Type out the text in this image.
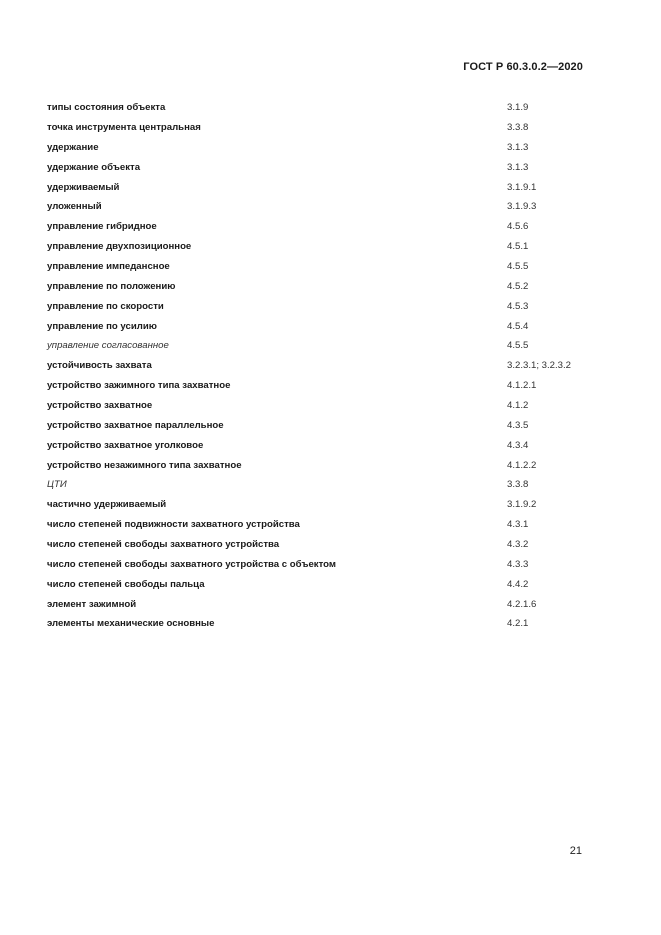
ГОСТ Р 60.3.0.2—2020
типы состояния объекта	3.1.9
точка инструмента центральная	3.3.8
удержание	3.1.3
удержание объекта	3.1.3
удерживаемый	3.1.9.1
уложенный	3.1.9.3
управление гибридное	4.5.6
управление двухпозиционное	4.5.1
управление импедансное	4.5.5
управление по положению	4.5.2
управление по скорости	4.5.3
управление по усилию	4.5.4
управление согласованное	4.5.5
устойчивость захвата	3.2.3.1; 3.2.3.2
устройство зажимного типа захватное	4.1.2.1
устройство захватное	4.1.2
устройство захватное параллельное	4.3.5
устройство захватное уголковое	4.3.4
устройство незажимного типа захватное	4.1.2.2
ЦТИ	3.3.8
частично удерживаемый	3.1.9.2
число степеней подвижности захватного устройства	4.3.1
число степеней свободы захватного устройства	4.3.2
число степеней свободы захватного устройства с объектом	4.3.3
число степеней свободы пальца	4.4.2
элемент зажимной	4.2.1.6
элементы механические основные	4.2.1
21
